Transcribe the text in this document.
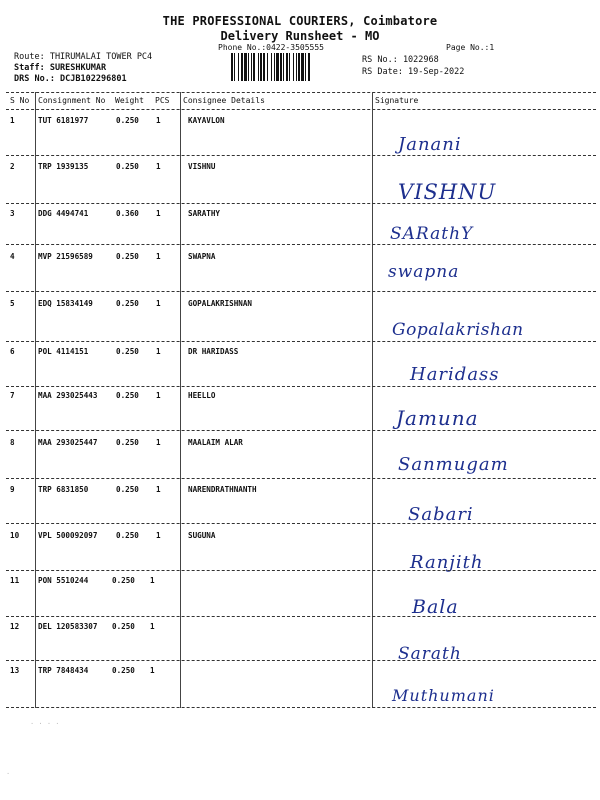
THE PROFESSIONAL COURIERS, Coimbatore
Delivery Runsheet - MO
Phone No.:0422-3505555	Page No.:1
Route: THIRUMALAI TOWER PC4
Staff: SURESHKUMAR
DRS No.: DCJB102296801
RS No.: 1022968
RS Date: 19-Sep-2022
S No Consignment No Weight PCS Consignee Details	Signature
1	TUT 6181977	0.250 1	KAYAVLON
Janani
2	TRP 1939135	0.250 1	VISHNU
VISHNU
3	DDG 4494741	0.360 1	SARATHY
SARathY
4	MVP 21596589	0.250 1	SWAPNA
swapna
5	EDQ 15834149	0.250 1	GOPALAKRISHNAN
Gopalakrishan
6	POL 4114151	0.250 1	DR HARIDASS
Haridass
7	MAA 293025443 0.250 1	HEELLO
Jamuna
8	MAA 293025447 0.250 1	MAALAIM ALAR
Sanmugam
9	TRP 6831850	0.250 1	NARENDRATHNANTH
Sabari
10 VPL 500092097 0.250 1	SUGUNA
Ranjith
11 PON 5510244	0.250 1
Bala
12 DEL 120583307 0.250 1
Sarath
13 TRP 7848434	0.250 1
Muthumani
· · · ·
·
